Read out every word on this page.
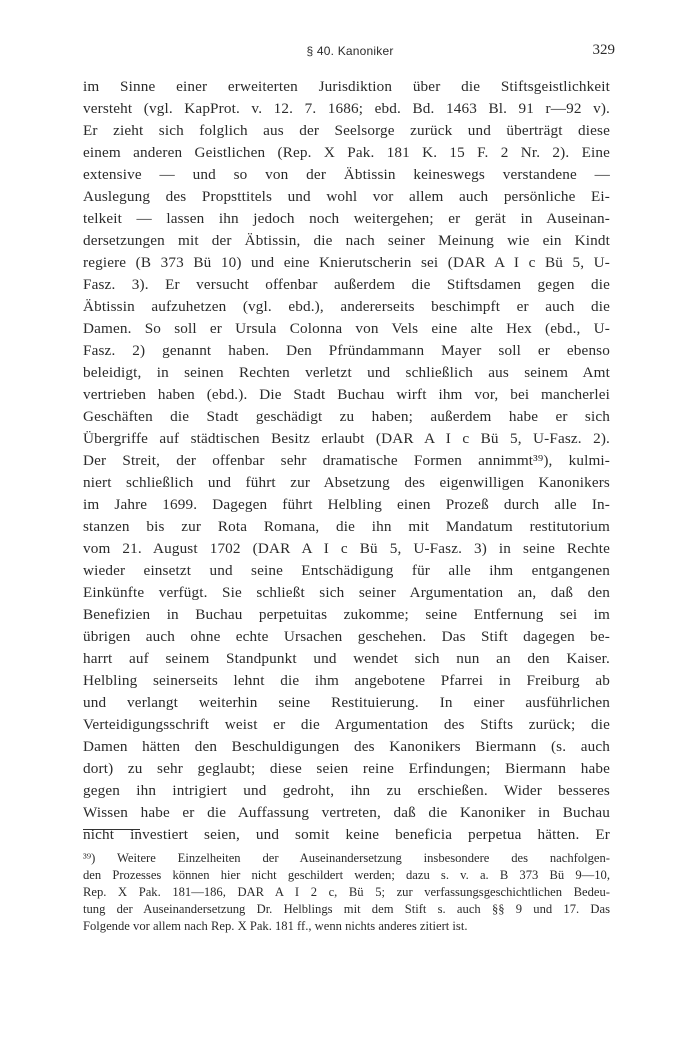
§ 40. Kanoniker	329
im Sinne einer erweiterten Jurisdiktion über die Stiftsgeistlichkeit
versteht (vgl. KapProt. v. 12. 7. 1686; ebd. Bd. 1463 Bl. 91 r—92 v).
Er zieht sich folglich aus der Seelsorge zurück und überträgt diese
einem anderen Geistlichen (Rep. X Pak. 181 K. 15 F. 2 Nr. 2). Eine
extensive — und so von der Äbtissin keineswegs verstandene —
Auslegung des Propsttitels und wohl vor allem auch persönliche Ei-
telkeit — lassen ihn jedoch noch weitergehen; er gerät in Auseinan-
dersetzungen mit der Äbtissin, die nach seiner Meinung wie ein Kindt
regiere (B 373 Bü 10) und eine Knierutscherin sei (DAR A I c Bü 5, U-
Fasz. 3). Er versucht offenbar außerdem die Stiftsdamen gegen die
Äbtissin aufzuhetzen (vgl. ebd.), andererseits beschimpft er auch die
Damen. So soll er Ursula Colonna von Vels eine alte Hex (ebd., U-
Fasz. 2) genannt haben. Den Pfründammann Mayer soll er ebenso
beleidigt, in seinen Rechten verletzt und schließlich aus seinem Amt
vertrieben haben (ebd.). Die Stadt Buchau wirft ihm vor, bei mancherlei
Geschäften die Stadt geschädigt zu haben; außerdem habe er sich
Übergriffe auf städtischen Besitz erlaubt (DAR A I c Bü 5, U-Fasz. 2).
Der Streit, der offenbar sehr dramatische Formen annimmt³⁹), kulmi-
niert schließlich und führt zur Absetzung des eigenwilligen Kanonikers
im Jahre 1699. Dagegen führt Helbling einen Prozeß durch alle In-
stanzen bis zur Rota Romana, die ihn mit Mandatum restitutorium
vom 21. August 1702 (DAR A I c Bü 5, U-Fasz. 3) in seine Rechte
wieder einsetzt und seine Entschädigung für alle ihm entgangenen
Einkünfte verfügt. Sie schließt sich seiner Argumentation an, daß den
Benefizien in Buchau perpetuitas zukomme; seine Entfernung sei im
übrigen auch ohne echte Ursachen geschehen. Das Stift dagegen be-
harrt auf seinem Standpunkt und wendet sich nun an den Kaiser.
Helbling seinerseits lehnt die ihm angebotene Pfarrei in Freiburg ab
und verlangt weiterhin seine Restituierung. In einer ausführlichen
Verteidigungsschrift weist er die Argumentation des Stifts zurück; die
Damen hätten den Beschuldigungen des Kanonikers Biermann (s. auch
dort) zu sehr geglaubt; diese seien reine Erfindungen; Biermann habe
gegen ihn intrigiert und gedroht, ihn zu erschießen. Wider besseres
Wissen habe er die Auffassung vertreten, daß die Kanoniker in Buchau
nicht investiert seien, und somit keine beneficia perpetua hätten. Er
³⁹) Weitere Einzelheiten der Auseinandersetzung insbesondere des nachfolgen-
den Prozesses können hier nicht geschildert werden; dazu s. v. a. B 373 Bü 9—10,
Rep. X Pak. 181—186, DAR A I 2 c, Bü 5; zur verfassungsgeschichtlichen Bedeu-
tung der Auseinandersetzung Dr. Helblings mit dem Stift s. auch §§ 9 und 17. Das
Folgende vor allem nach Rep. X Pak. 181 ff., wenn nichts anderes zitiert ist.
